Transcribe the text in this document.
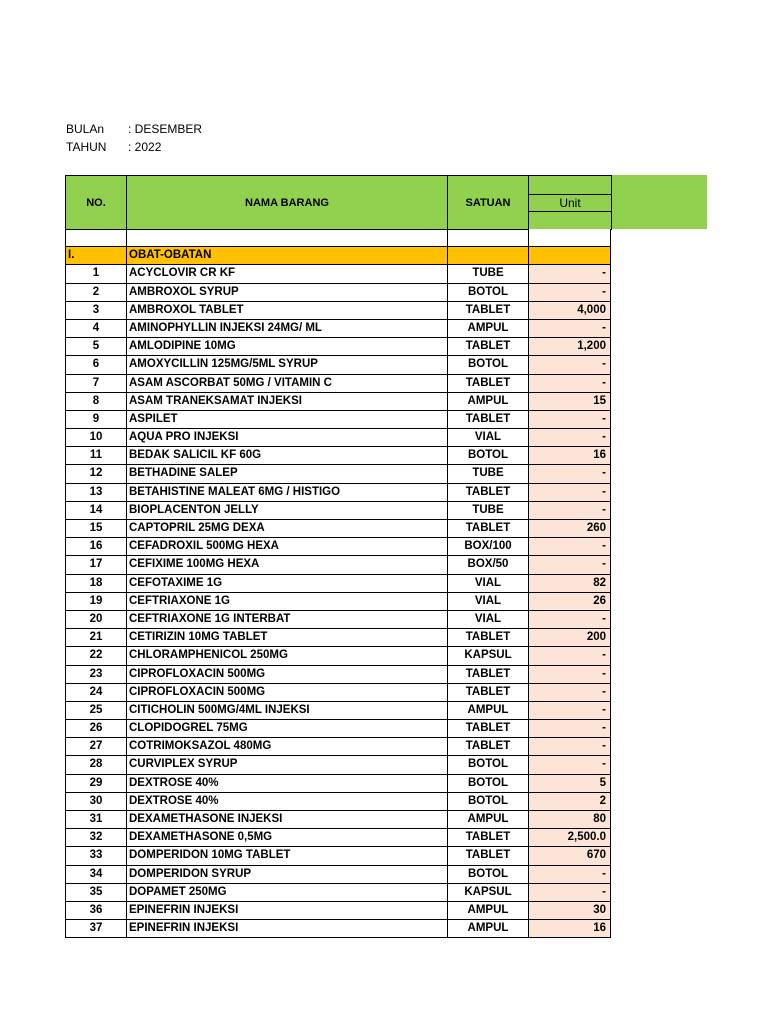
BULAn : DESEMBER
TAHUN : 2022
NO.	NAMA BARANG	SATUAN	Unit
I.	OBAT-OBATAN
1	ACYCLOVIR CR KF	TUBE	-
2	AMBROXOL SYRUP	BOTOL	-
3	AMBROXOL TABLET	TABLET	4,000
4	AMINOPHYLLIN INJEKSI 24MG/ ML	AMPUL	-
5	AMLODIPINE 10MG	TABLET	1,200
6	AMOXYCILLIN 125MG/5ML SYRUP	BOTOL	-
7	ASAM ASCORBAT 50MG / VITAMIN C	TABLET	-
8	ASAM TRANEKSAMAT INJEKSI	AMPUL	15
9	ASPILET	TABLET	-
10	AQUA PRO INJEKSI	VIAL	-
11	BEDAK SALICIL KF 60G	BOTOL	16
12	BETHADINE SALEP	TUBE	-
13	BETAHISTINE MALEAT 6MG / HISTIGO	TABLET	-
14	BIOPLACENTON JELLY	TUBE	-
15	CAPTOPRIL 25MG DEXA	TABLET	260
16	CEFADROXIL 500MG HEXA	BOX/100	-
17	CEFIXIME 100MG HEXA	BOX/50	-
18	CEFOTAXIME 1G	VIAL	82
19	CEFTRIAXONE 1G	VIAL	26
20	CEFTRIAXONE 1G INTERBAT	VIAL	-
21	CETIRIZIN 10MG TABLET	TABLET	200
22	CHLORAMPHENICOL 250MG	KAPSUL	-
23	CIPROFLOXACIN 500MG	TABLET	-
24	CIPROFLOXACIN 500MG	TABLET	-
25	CITICHOLIN 500MG/4ML INJEKSI	AMPUL	-
26	CLOPIDOGREL 75MG	TABLET	-
27	COTRIMOKSAZOL 480MG	TABLET	-
28	CURVIPLEX SYRUP	BOTOL	-
29	DEXTROSE 40%	BOTOL	5
30	DEXTROSE 40%	BOTOL	2
31	DEXAMETHASONE INJEKSI	AMPUL	80
32	DEXAMETHASONE 0,5MG	TABLET	2,500.0
33	DOMPERIDON 10MG TABLET	TABLET	670
34	DOMPERIDON SYRUP	BOTOL	-
35	DOPAMET 250MG	KAPSUL	-
36	EPINEFRIN INJEKSI	AMPUL	30
37	EPINEFRIN INJEKSI	AMPUL	16
